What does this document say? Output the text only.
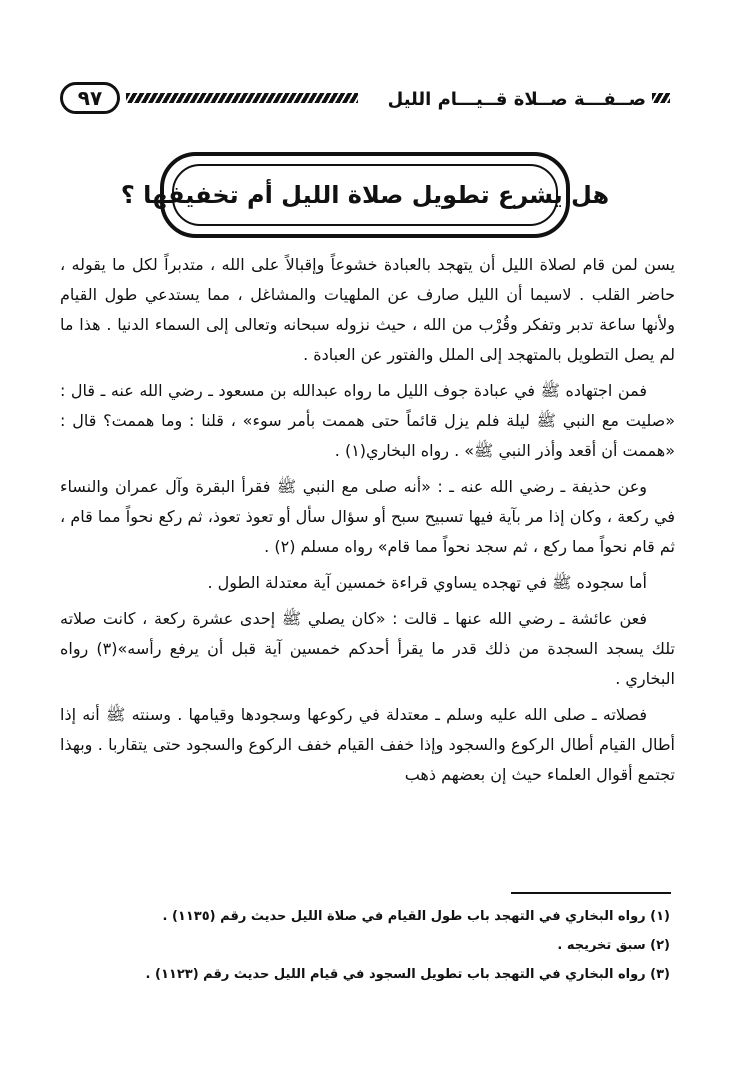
٩٧	صــفـــة صــلاة قــيـــام الليل
هل يشرع تطويل صلاة الليل أم تخفيفها ؟

يسن لمن قام لصلاة الليل أن يتهجد بالعبادة خشوعاً وإقبالاً على الله ، متدبراً لكل ما يقوله ، حاضر القلب . لاسيما أن الليل صارف عن الملهيات والمشاغل ، مما يستدعي طول القيام ولأنها ساعة تدبر وتفكر وقُرْب من الله ، حيث نزوله سبحانه وتعالى إلى السماء الدنيا . هذا ما لم يصل التطويل بالمتهجد إلى الملل والفتور عن العبادة .

فمن اجتهاده ﷺ في عبادة جوف الليل ما رواه عبدالله بن مسعود ـ رضي الله عنه ـ قال : «صليت مع النبي ﷺ ليلة فلم يزل قائماً حتى هممت بأمر سوء» ، قلنا : وما هممت؟ قال : «هممت أن أقعد وأذر النبي ﷺ» . رواه البخاري(١) .

وعن حذيفة ـ رضي الله عنه ـ : «أنه صلى مع النبي ﷺ فقرأ البقرة وآل عمران والنساء في ركعة ، وكان إذا مر بآية فيها تسبيح سبح أو سؤال سأل أو تعوذ تعوذ، ثم ركع نحواً مما قام ، ثم قام نحواً مما ركع ، ثم سجد نحواً مما قام» رواه مسلم (٢) .

أما سجوده ﷺ في تهجده يساوي قراءة خمسين آية معتدلة الطول .

فعن عائشة ـ رضي الله عنها ـ قالت : «كان يصلي ﷺ إحدى عشرة ركعة ، كانت صلاته تلك يسجد السجدة من ذلك قدر ما يقرأ أحدكم خمسين آية قبل أن يرفع رأسه»(٣) رواه البخاري .

فصلاته ـ صلى الله عليه وسلم ـ معتدلة في ركوعها وسجودها وقيامها . وسنته ﷺ أنه إذا أطال القيام أطال الركوع والسجود وإذا خفف القيام خفف الركوع والسجود حتى يتقاربا . وبهذا تجتمع أقوال العلماء حيث إن بعضهم ذهب

(١) رواه البخاري في التهجد باب طول القيام في صلاة الليل حديث رقم (١١٣٥) .
(٢) سبق تخريجه .
(٣) رواه البخاري في التهجد باب تطويل السجود في قيام الليل حديث رقم (١١٢٣) .
